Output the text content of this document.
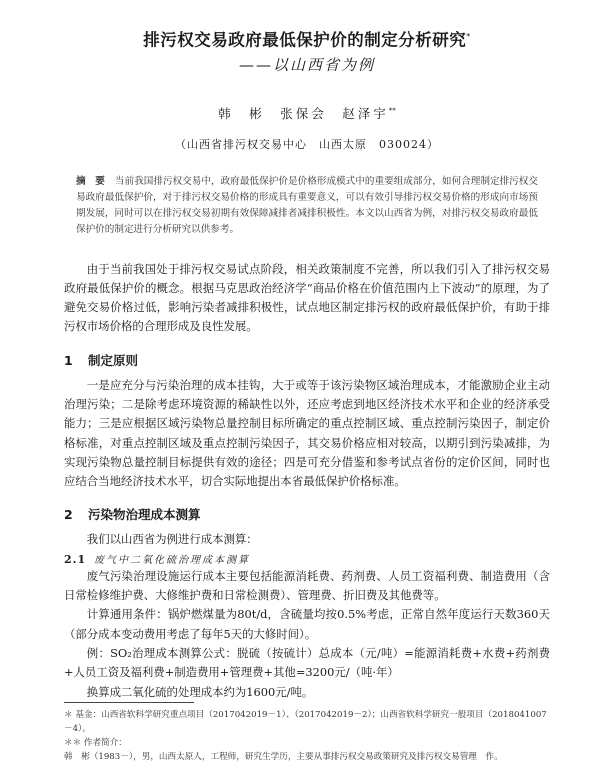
排污权交易政府最低保护价的制定分析研究*
——以山西省为例
韩　彬　张保会　赵泽宇**
（山西省排污权交易中心　山西太原　030024）
摘　要 当前我国排污权交易中，政府最低保护价是价格形成模式中的重要组成部分，如何合理制定排污权交易政府最低保护价，对于排污权交易价格的形成具有重要意义，可以有效引导排污权交易价格的形成向市场预期发展，同时可以在排污权交易初期有效保障减排者减排积极性。本文以山西省为例，对排污权交易政府最低保护价的制定进行分析研究以供参考。

由于当前我国处于排污权交易试点阶段，相关政策制度不完善，所以我们引入了排污权交易政府最低保护价的概念。根据马克思政治经济学“商品价格在价值范围内上下波动”的原理，为了避免交易价格过低，影响污染者减排积极性，试点地区制定排污权的政府最低保护价，有助于排污权市场价格的合理形成及良性发展。

1 制定原则

一是应充分与污染治理的成本挂钩，大于或等于该污染物区域治理成本，才能激励企业主动治理污染；二是除考虑环境资源的稀缺性以外，还应考虑到地区经济技术水平和企业的经济承受能力；三是应根据区域污染物总量控制目标所确定的重点控制区域、重点控制污染因子，制定价格标准，对重点控制区域及重点控制污染因子，其交易价格应相对较高，以期引到污染减排，为实现污染物总量控制目标提供有效的途径；四是可充分借鉴和参考试点省份的定价区间，同时也应结合当地经济技术水平，切合实际地提出本省最低保护价格标准。

2 污染物治理成本测算

我们以山西省为例进行成本测算：

2.1 废气中二氧化硫治理成本测算

废气污染治理设施运行成本主要包括能源消耗费、药剂费、人员工资福利费、制造费用（含日常检修维护费、大修维护费和日常检测费）、管理费、折旧费及其他费等。

计算通用条件：锅炉燃煤量为80t/d，含硫量均按0.5%考虑，正常自然年度运行天数360天（部分成本变动费用考虑了每年5天的大修时间）。

例：SO₂治理成本测算公式：脱硫（按硫计）总成本（元/吨）=能源消耗费+水费+药剂费+人员工资及福利费+制造费用+管理费+其他=3200元/（吨·年）

换算成二氧化硫的处理成本约为1600元/吨。

＊ 基金：山西省软科学研究重点项目（2017042019－1）、（2017042019－2）；山西省软科学研究一般项目（2018041007－4）。

＊＊ 作者简介：

韩　彬（1983－），男，山西太原人，工程师，研究生学历，主要从事排污权交易政策研究及排污权交易管理　作。
